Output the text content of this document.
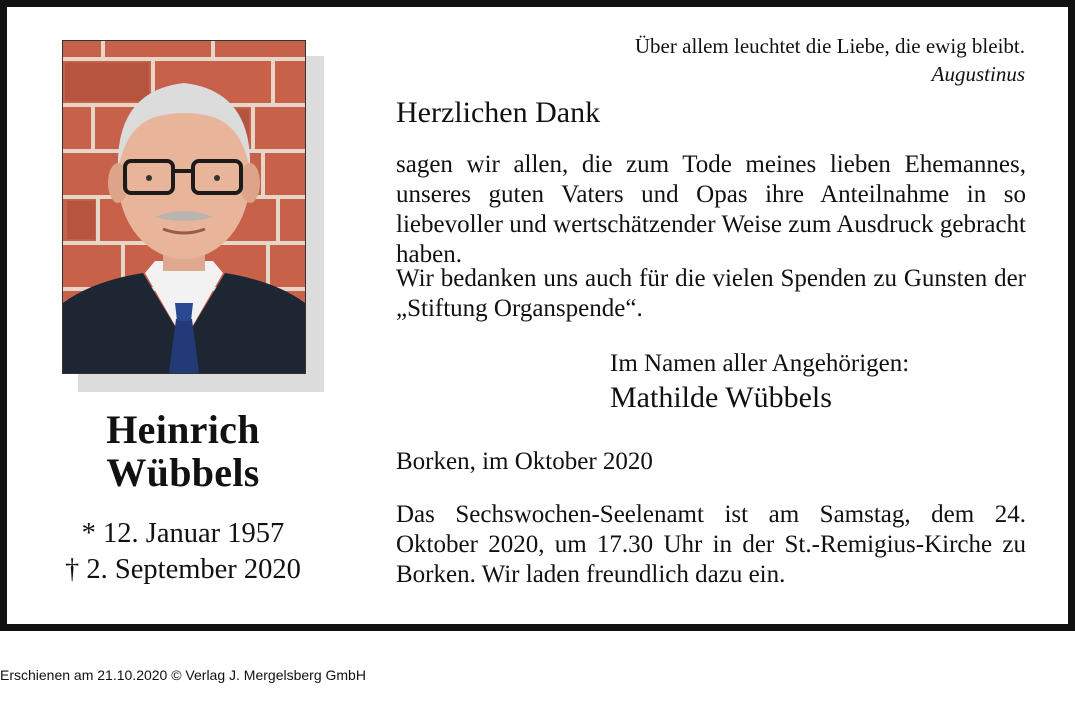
Heinrich
Wübbels
* 12. Januar 1957
† 2. September 2020
Über allem leuchtet die Liebe, die ewig bleibt.
Augustinus
Herzlichen Dank
sagen wir allen, die zum Tode meines lieben Ehemannes, unseres guten Vaters und Opas ihre Anteilnahme in so liebevoller und wertschätzender Weise zum Ausdruck gebracht haben.
Wir bedanken uns auch für die vielen Spenden zu Gunsten der „Stiftung Organspende“.
Im Namen aller Angehörigen:
Mathilde Wübbels
Borken, im Oktober 2020
Das Sechswochen-Seelenamt ist am Samstag, dem 24. Oktober 2020, um 17.30 Uhr in der St.-Remigius-Kirche zu Borken. Wir laden freundlich dazu ein.
Erschienen am 21.10.2020 © Verlag J. Mergelsberg GmbH
